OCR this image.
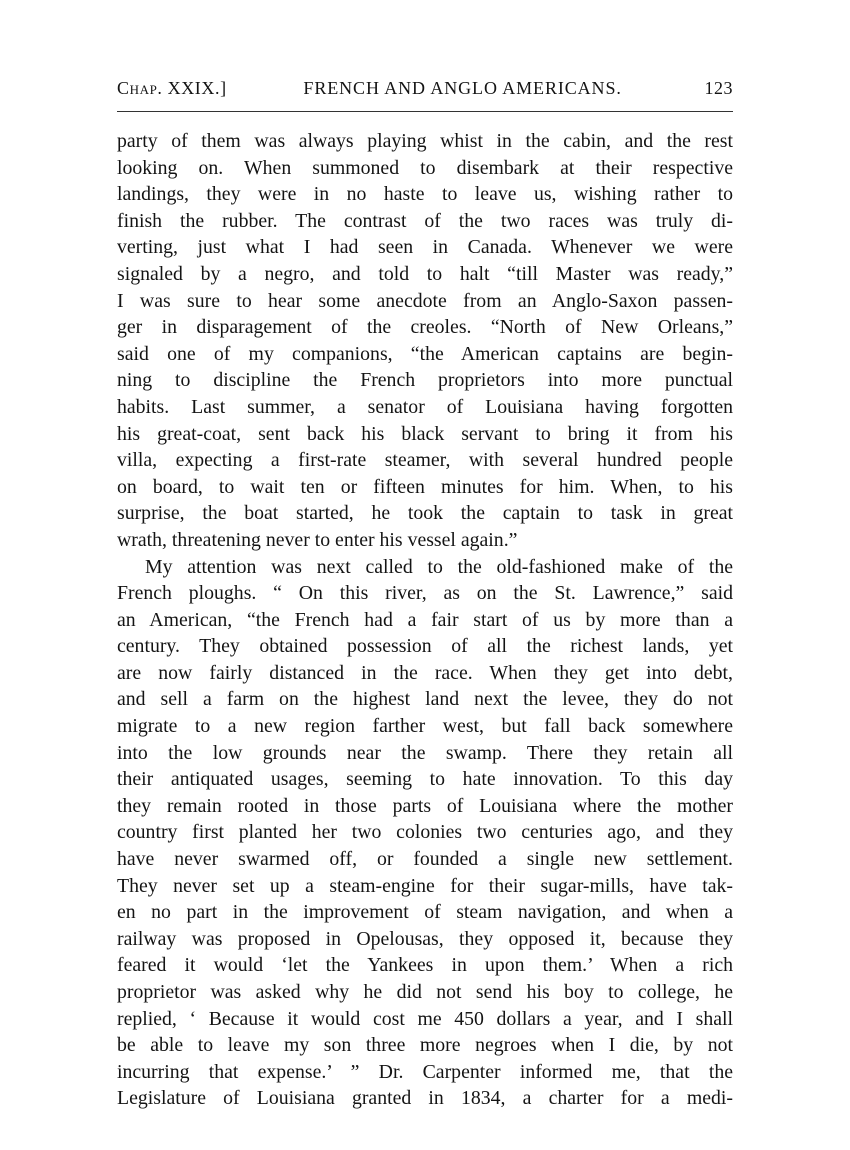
Chap. XXIX.]	FRENCH AND ANGLO AMERICANS.	123
party of them was always playing whist in the cabin, and the rest
looking on. When summoned to disembark at their respective
landings, they were in no haste to leave us, wishing rather to
finish the rubber. The contrast of the two races was truly di-
verting, just what I had seen in Canada. Whenever we were
signaled by a negro, and told to halt “till Master was ready,”
I was sure to hear some anecdote from an Anglo-Saxon passen-
ger in disparagement of the creoles. “North of New Orleans,”
said one of my companions, “the American captains are begin-
ning to discipline the French proprietors into more punctual
habits. Last summer, a senator of Louisiana having forgotten
his great-coat, sent back his black servant to bring it from his
villa, expecting a first-rate steamer, with several hundred people
on board, to wait ten or fifteen minutes for him. When, to his
surprise, the boat started, he took the captain to task in great
wrath, threatening never to enter his vessel again.”
My attention was next called to the old-fashioned make of the
French ploughs. “ On this river, as on the St. Lawrence,” said
an American, “the French had a fair start of us by more than a
century. They obtained possession of all the richest lands, yet
are now fairly distanced in the race. When they get into debt,
and sell a farm on the highest land next the levee, they do not
migrate to a new region farther west, but fall back somewhere
into the low grounds near the swamp. There they retain all
their antiquated usages, seeming to hate innovation. To this day
they remain rooted in those parts of Louisiana where the mother
country first planted her two colonies two centuries ago, and they
have never swarmed off, or founded a single new settlement.
They never set up a steam-engine for their sugar-mills, have tak-
en no part in the improvement of steam navigation, and when a
railway was proposed in Opelousas, they opposed it, because they
feared it would ‘let the Yankees in upon them.’ When a rich
proprietor was asked why he did not send his boy to college, he
replied, ‘ Because it would cost me 450 dollars a year, and I shall
be able to leave my son three more negroes when I die, by not
incurring that expense.’ ” Dr. Carpenter informed me, that the
Legislature of Louisiana granted in 1834, a charter for a medi-
